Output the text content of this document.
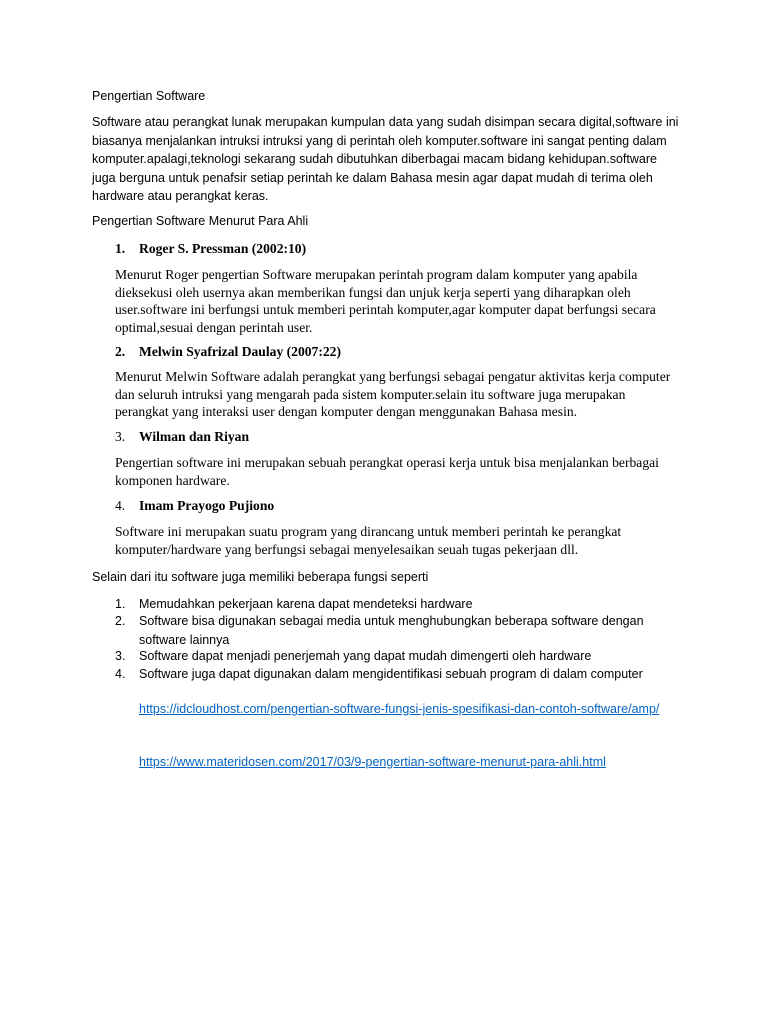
Pengertian Software

Software atau perangkat lunak merupakan kumpulan data yang sudah disimpan secara digital,software ini biasanya menjalankan intruksi intruksi yang di perintah oleh komputer.software ini sangat penting dalam komputer.apalagi,teknologi sekarang sudah dibutuhkan diberbagai macam bidang kehidupan.software juga berguna untuk penafsir setiap perintah ke dalam Bahasa mesin agar dapat mudah di terima oleh hardware atau perangkat keras.

Pengertian Software Menurut Para Ahli

1. Roger S. Pressman (2002:10)

Menurut Roger pengertian Software merupakan perintah program dalam komputer yang apabila dieksekusi oleh usernya akan memberikan fungsi dan unjuk kerja seperti yang diharapkan oleh user.software ini berfungsi untuk memberi perintah komputer,agar komputer dapat berfungsi secara optimal,sesuai dengan perintah user.

2. Melwin Syafrizal Daulay (2007:22)

Menurut Melwin Software adalah perangkat yang berfungsi sebagai pengatur aktivitas kerja computer dan seluruh intruksi yang mengarah pada sistem komputer.selain itu software juga merupakan perangkat yang interaksi user dengan komputer dengan menggunakan Bahasa mesin.

3. Wilman dan Riyan

Pengertian software ini merupakan sebuah perangkat operasi kerja untuk bisa menjalankan berbagai komponen hardware.

4. Imam Prayogo Pujiono

Software ini merupakan suatu program yang dirancang untuk memberi perintah ke perangkat komputer/hardware yang berfungsi sebagai menyelesaikan seuah tugas pekerjaan dll.

Selain dari itu software juga memiliki beberapa fungsi seperti

1. Memudahkan pekerjaan karena dapat mendeteksi hardware

2. Software bisa digunakan sebagai media untuk menghubungkan beberapa software dengan software lainnya

3. Software dapat menjadi penerjemah yang dapat mudah dimengerti oleh hardware

4. Software juga dapat digunakan dalam mengidentifikasi sebuah program di dalam computer

https://idcloudhost.com/pengertian-software-fungsi-jenis-spesifikasi-dan-contoh-software/amp/

https://www.materidosen.com/2017/03/9-pengertian-software-menurut-para-ahli.html
